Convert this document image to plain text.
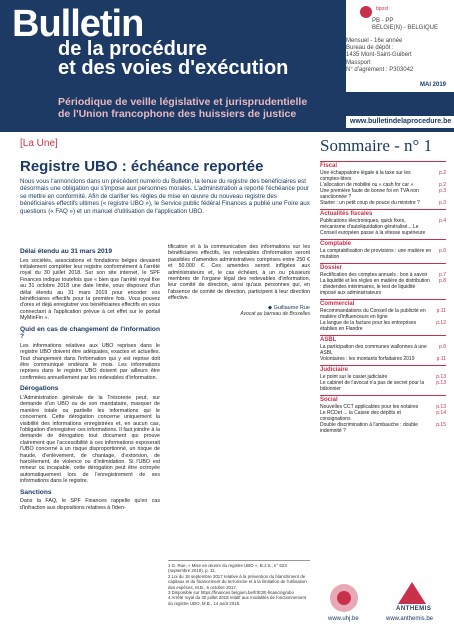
Bulletin
de la procédure
et des voies d'exécution
bpost
PB - PP
BELGIE(N) - BELGIQUE
Mensuel - 16e année
Bureau de dépôt :
1435 Mont-Saint-Guibert
Massport
N° d'agrément : P303042
MAI 2019
Périodique de veille législative et jurisprudentielle
de l'Union francophone des huissiers de justice
www.bulletindelaprocedure.be
[La Une]
Registre UBO : échéance reportée
Nous vous l'annoncions dans un précédent numéro du Bulletin, la tenue du registre des bénéficiaires est désormais une obligation qui s'impose aux personnes morales. L'administration a reporté l'échéance pour se mettre en conformité. Afin de clarifier les règles de mise en œuvre du nouveau registre des bénéficiaires effectifs ultimes (« registre UBO »), le Service public fédéral Finances a publié une Foire aux questions (« FAQ ») et un manuel d'utilisation de l'application UBO.
Délai étendu au 31 mars 2019

Les sociétés, associations et fondations belges devaient initialement compléter leur registre conformément à l'arrêté royal du 30 juillet 2018. Sur son site internet, le SPF Finances indique toutefois que « bien que l'arrêté royal fixe au 31 octobre 2018 une date limite, vous disposez d'un délai étendu au 31 mars 2019 pour encoder vos bénéficiaires effectifs pour la première fois. Vous pouvez d'ores et déjà enregistrer vos bénéficiaires effectifs en vous connectant à l'application prévue à cet effet sur le portail MyMinFin ».

Quid en cas de changement de l'information ?

Les informations relatives aux UBO reprises dans le registre UBO doivent être adéquates, exactes et actuelles. Tout changement dans l'information qui y est reprise doit être communiqué endéans le mois. Les informations reprises dans le registre UBO doivent par ailleurs être confirmées annuellement par les redevables d'information.

Dérogations

L'Administration générale de la Trésorerie peut, sur demande d'un UBO ou de son mandataire, masquer de manière totale ou partielle les informations qui le concernent. Cette dérogation concerne uniquement la visibilité des informations enregistrées et, en aucun cas, l'obligation d'enregistrer ces informations. Il faut joindre à la demande de dérogation tout document qui prouve clairement que l'accessibilité à ces informations exposerait l'UBO concerné à un risque disproportionné, un risque de fraude, d'enlèvement, de chantage, d'extorsion, de harcèlement, de violence ou d'intimidation. Si l'UBO est mineur ou incapable, cette dérogation peut être octroyée automatiquement lors de l'enregistrement de ses informations dans le registre.

Sanctions

Dans la FAQ, le SPF Finances rappelle qu'en cas d'infraction aux dispositions relatives à l'iden-

tification et à la communication des informations sur les bénéficiaires effectifs, les redevables d'information seront passibles d'amendes administratives comprises entre 250 € et 50.000 €. Ces amendes seront infligées aux administrateurs et, le cas échéant, à un ou plusieurs membres de l'organe légal des redevables d'information, leur comité de direction, ainsi qu'aux personnes qui, en l'absence de comité de direction, participent à leur direction effective.

◆ Guillaume Rue
Avocat au barreau de Bruxelles
1 G. Rue, « Mise en œuvre du registre UBO », B.J.S., n° 623 (septembre 2018), p. 11.
2 Loi du 18 septembre 2017 relative à la prévention du blanchiment de capitaux et du financement du terrorisme et à la limitation de l'utilisation des espèces, M.B., 6 octobre 2017.
3 Disponible sur https://finances.belgium.be/fr/E2E-financing/ubo
4 Arrêté royal du 30 juillet 2018 relatif aux modalités de fonctionnement du registre UBO, M.B., 14 août 2018.
Sommaire - n° 1
Fiscal
Une échappatoire légale à la taxe sur les comptes-titres
p.2
L'allocation de mobilité ou « cash for car »	p.2
Une première faute de bonne foi en TVA non sanctionnée ?
p.3
Starter : un petit coup de pouce du ministre ?	p.3
Actualités fiscales
Publications électroniques, quick fixes, mécanisme d'autoliquidation généralisé... Le Conseil européen passe à la vitesse supérieure
p.4
Comptable
La comptabilisation de provisions : une matière en mutation
p.6
Dossier
Rectification des comptes annuels : bon à savoir p.7
La liquidité et les règles en matière de distribution : dividendes intérimaires, le test de liquidité imposé aux administrateurs
p.8
Commercial
Recommandations du Conseil de la publicité en matière d'influenceurs en ligne
p.11
La langue de la facture pour les entreprises établies en Flandre
p.12
ASBL
La participation des communes wallonnes à une ASBL
p.6
Volontaires : les montants forfaitaires 2019	p.11
Judiciaire
Le point sur le casier judiciaire	p.13
Le cabinet de l'avocat n'a pas de secret pour la bâtonnier
p.13
Social
Nouvelles CCT applicables pour les notaires	p.13
Le RCDet ... la Caisse des dépôts et consignations
p.14
Double discrimination à l'ambauche : double indemnité ?
p.15
www.uhj.be
ANTHEMIS
www.anthemis.be
